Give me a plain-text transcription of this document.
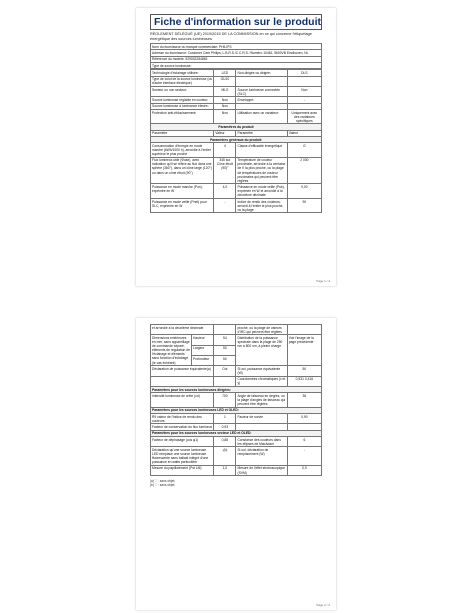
Fiche d'information sur le produit
RÈGLEMENT DÉLÉGUÉ (UE) 2019/2015 DE LA COMMISSION en ce qui concerne l'étiquetage énergétique des sources lumineuses
Nom du fournisseur ou marque commerciale: PHILIPS
Adresse du fournisseur: Customer Care Philips, L.B.R.S./C.C.R.S. /Numéro 10461, 5600VB Eindhoven, NL
Référence du modèle: 929002284863
Type de source lumineuse:
Technologie d'éclairage utilisée:	LED	Non-dirigée ou dirigée:	DLS
Type de culot de la source lumineuse (ou d'autre interface électrique)	GU10		
Secteur ou non secteur:	MLS	Source lumineuse connectée (SLC)	Non
Source lumineuse réglable en couleur:	Non	Enveloppe:	-
Source lumineuse à luminance élevée:	Non		
Protection anti-éblouissement:	Non	Utilisation avec un variateur:	Uniquement avec des variateurs spécifiques
Paramètres du produit			
Paramètre	Valeur	Paramètre	Valeur
Paramètres généraux du produit:			
Consommation d'énergie en mode marche (kWh/1000 h), arrondie à l'entier supérieur le plus proche	4	Classe d'efficacité énergétique	G
Flux lumineux utile (Φuse), avec indication qu'il se réfère au flux dans une sphère (360°), dans un cône large (120°) ou dans un cône étroit (90°)	345 sur Cône étroit (90)°	Température de couleur proximale, arrondie à la centaine de K la plus proche, ou la plage de températures de couleur proximales qui peuvent être réglées	2 000
Puissance en mode marche (Pon), exprimée en W	4,0	Puissance en mode veille (Psb), exprimée en W et arrondie à la deuxième décimale	0,00
Puissance en mode veille (Pnet) pour SLC, exprimée en W	-	Indice de rendu des couleurs, arrondi à l'entier le plus proche, ou la plage	90
Page 1 / 2
et arrondie à la deuxième décimale			proche, ou la plage de valeurs d'IRC qui peuvent être réglées	
Dimensions extérieures en mm, sans appareillage de commande séparé, éléments de régulation de l'éclairage et éléments sans fonction d'éclairage (le cas échéant)	Hauteur	54	Distribution de la puissance spectrale dans la plage de 250 nm à 800 nm, à pleine charge	Voir l'image de la page précédente
	Largeur	50		
	Profondeur	50		
Déclaration de puissance équivalente(a)		Oui	Si oui, puissance équivalente (W)	50
			Coordonnées chromatiques (x et y)	0,531 0,416
Paramètres pour les sources lumineuses dirigées:				
Intensité lumineuse de crête (cd)		700	Angle de faisceau en degrés, ou la plage d'angles de faisceau qui peuvent être réglées	36
Paramètres pour les sources lumineuses LED et OLED:				
R9 valeur de l'indice de rendu des couleurs		1	Facteur de survie	0,90
Facteur de conservation du flux lumineux		0,93		
Paramètres pour les sources lumineuses secteur LED et OLED:				
Facteur de déphasage (cos φ1)		0,88	Constance des couleurs dans les ellipses de MacAdam	6
Déclaration qu'une source lumineuse LED remplace une source lumineuse fluorescente sans ballast intégré d'une puissance en watts particulière		-(b)	Si oui, déclaration de remplacement (W)	-
Mesure du papillotement (Pst LM)		1,0	Mesure de l'effet stroboscopique (SVM)	0,9
(a) '-' : sans objet;
(b) '-' : sans objet;
Page 2 / 2
